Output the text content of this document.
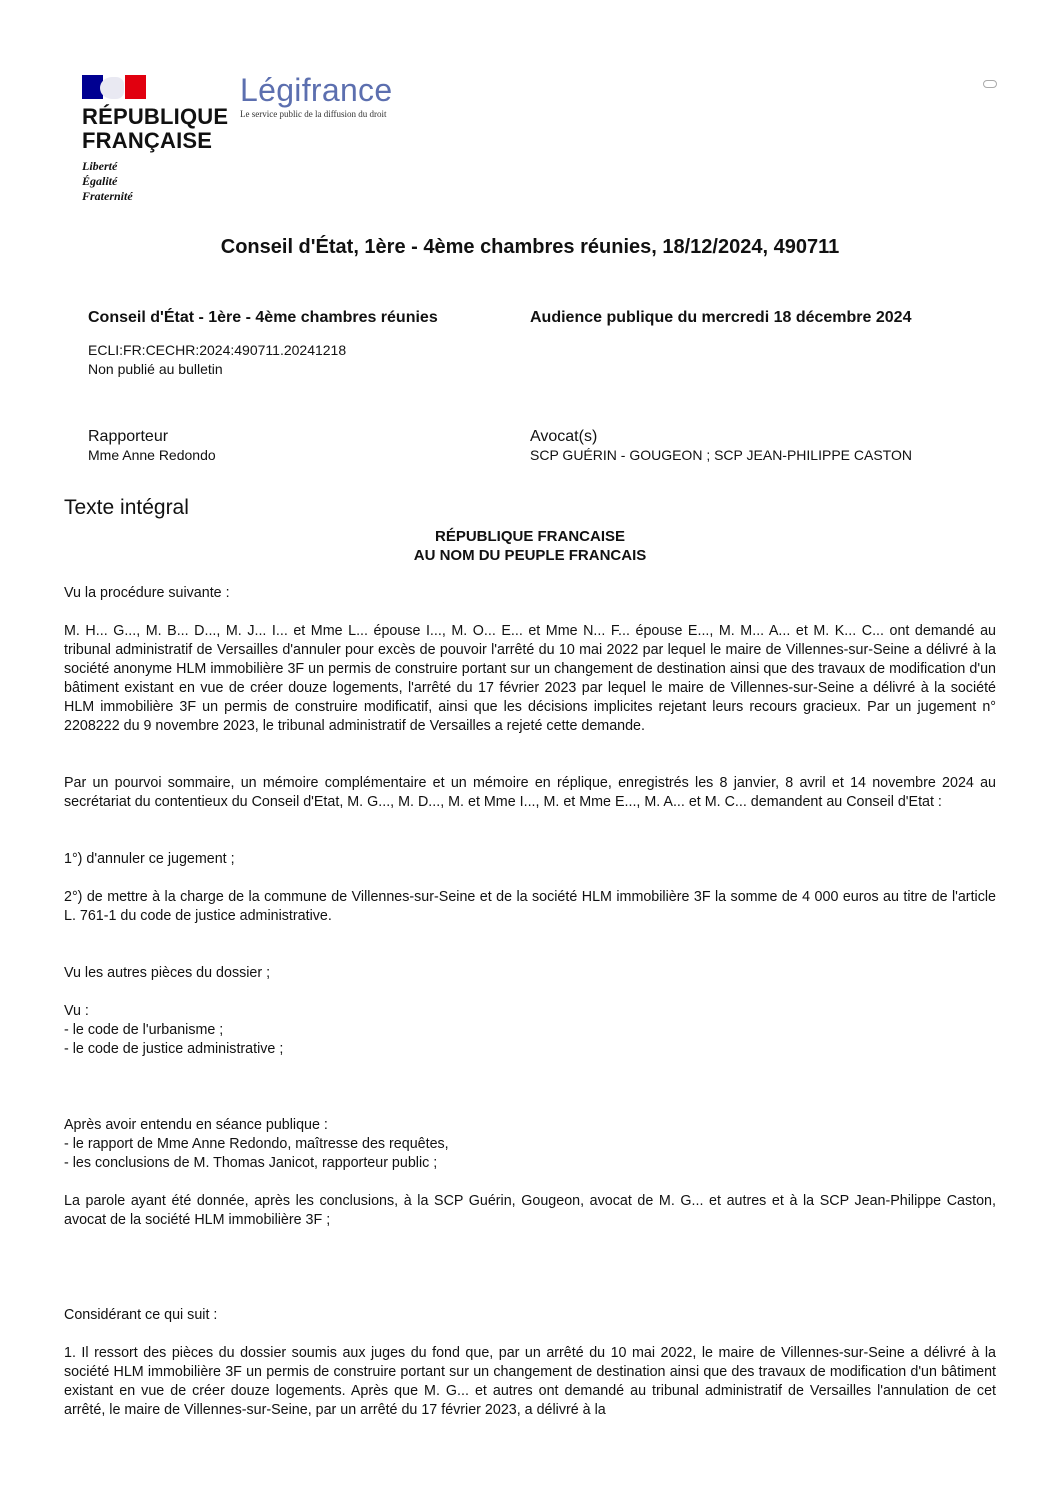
RÉPUBLIQUE
FRANÇAISE
Liberté
Égalité
Fraternité
Légifrance
Le service public de la diffusion du droit
Conseil d'État, 1ère - 4ème chambres réunies, 18/12/2024, 490711
Conseil d'État - 1ère - 4ème chambres réunies	Audience publique du mercredi 18 décembre 2024
ECLI:FR:CECHR:2024:490711.20241218
Non publié au bulletin
Rapporteur
Mme Anne Redondo
Avocat(s)
SCP GUÉRIN - GOUGEON ; SCP JEAN-PHILIPPE CASTON
Texte intégral
RÉPUBLIQUE FRANCAISE
AU NOM DU PEUPLE FRANCAIS
Vu la procédure suivante :
M. H... G..., M. B... D..., M. J... I... et Mme L... épouse I..., M. O... E... et Mme N... F... épouse E..., M. M... A... et M. K... C... ont demandé au tribunal administratif de Versailles d'annuler pour excès de pouvoir l'arrêté du 10 mai 2022 par lequel le maire de Villennes-sur-Seine a délivré à la société anonyme HLM immobilière 3F un permis de construire portant sur un changement de destination ainsi que des travaux de modification d'un bâtiment existant en vue de créer douze logements, l'arrêté du 17 février 2023 par lequel le maire de Villennes-sur-Seine a délivré à la société HLM immobilière 3F un permis de construire modificatif, ainsi que les décisions implicites rejetant leurs recours gracieux. Par un jugement n° 2208222 du 9 novembre 2023, le tribunal administratif de Versailles a rejeté cette demande.
Par un pourvoi sommaire, un mémoire complémentaire et un mémoire en réplique, enregistrés les 8 janvier, 8 avril et 14 novembre 2024 au secrétariat du contentieux du Conseil d'Etat, M. G..., M. D..., M. et Mme I..., M. et Mme E..., M. A... et M. C... demandent au Conseil d'Etat :
1°) d'annuler ce jugement ;
2°) de mettre à la charge de la commune de Villennes-sur-Seine et de la société HLM immobilière 3F la somme de 4 000 euros au titre de l'article L. 761-1 du code de justice administrative.
Vu les autres pièces du dossier ;
Vu :
- le code de l'urbanisme ;
- le code de justice administrative ;
Après avoir entendu en séance publique :
- le rapport de Mme Anne Redondo, maîtresse des requêtes,
- les conclusions de M. Thomas Janicot, rapporteur public ;
La parole ayant été donnée, après les conclusions, à la SCP Guérin, Gougeon, avocat de M. G... et autres et à la SCP Jean-Philippe Caston, avocat de la société HLM immobilière 3F ;
Considérant ce qui suit :
1. Il ressort des pièces du dossier soumis aux juges du fond que, par un arrêté du 10 mai 2022, le maire de Villennes-sur-Seine a délivré à la société HLM immobilière 3F un permis de construire portant sur un changement de destination ainsi que des travaux de modification d'un bâtiment existant en vue de créer douze logements. Après que M. G... et autres ont demandé au tribunal administratif de Versailles l'annulation de cet arrêté, le maire de Villennes-sur-Seine, par un arrêté du 17 février 2023, a délivré à la
